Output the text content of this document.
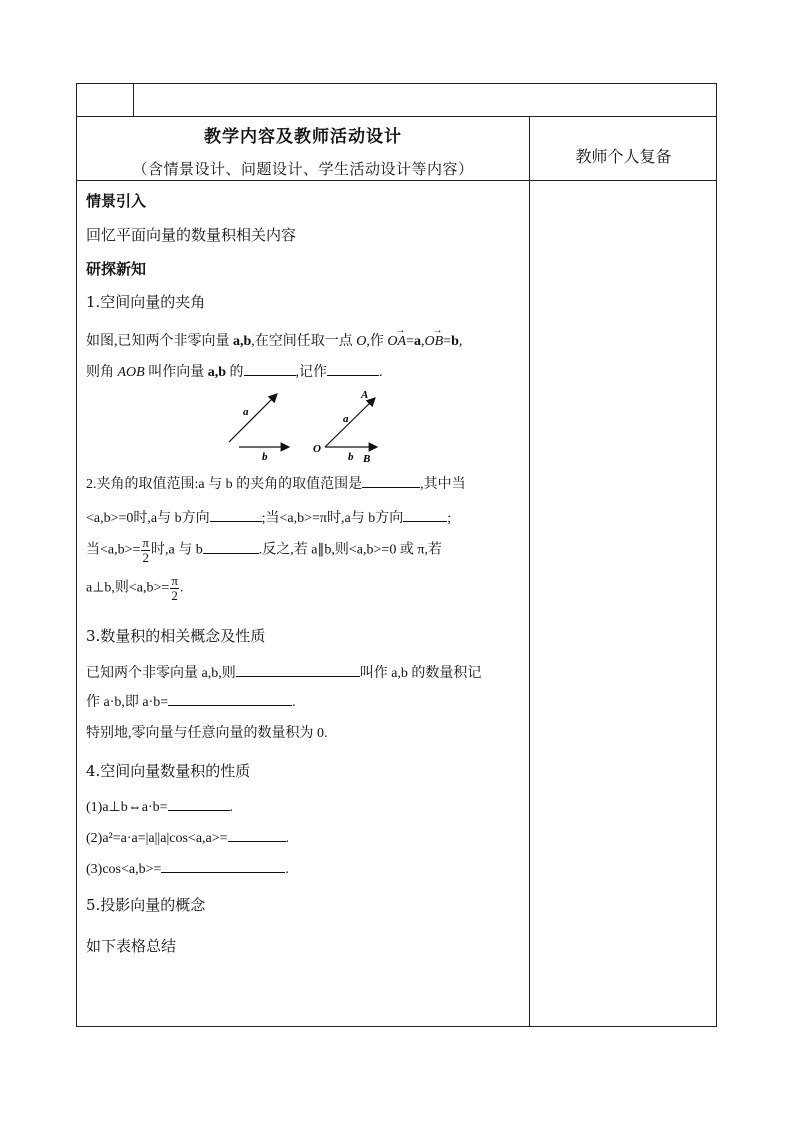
教学内容及教师活动设计
（含情景设计、问题设计、学生活动设计等内容）
教师个人复备
情景引入
回忆平面向量的数量积相关内容
研探新知
1.空间向量的夹角
如图,已知两个非零向量 a,b,在空间任取一点 O,作
→
OA=a,
→
OB=b,
则角 AOB 叫作向量 a,b 的	,记作	.
a
b
O
A
a
b B
2.夹角的取值范围:a 与 b 的夹角的取值范围是	,其中当
<a,b>=0时,a与 b方向	;当<a,b>=π时,a与 b方向	;
当$<a,b>= \frac{\pi}{2}$ 时,a 与 b	.反之,若 a∥b,则<a,b>=0 或 π,若
a⊥b,则$<a,b>= \frac{\pi}{2}$ .
3.数量积的相关概念及性质
已知两个非零向量 a,b,则	叫作 a,b 的数量积记
作 a·b,即 a·b=	.
特别地,零向量与任意向量的数量积为 0.
4.空间向量数量积的性质
(1)a⊥b⇔a·b=	.
(2)a²=a·a=|a||a|cos<a,a>=	.
(3)cos<a,b>=	.
5.投影向量的概念
如下表格总结
